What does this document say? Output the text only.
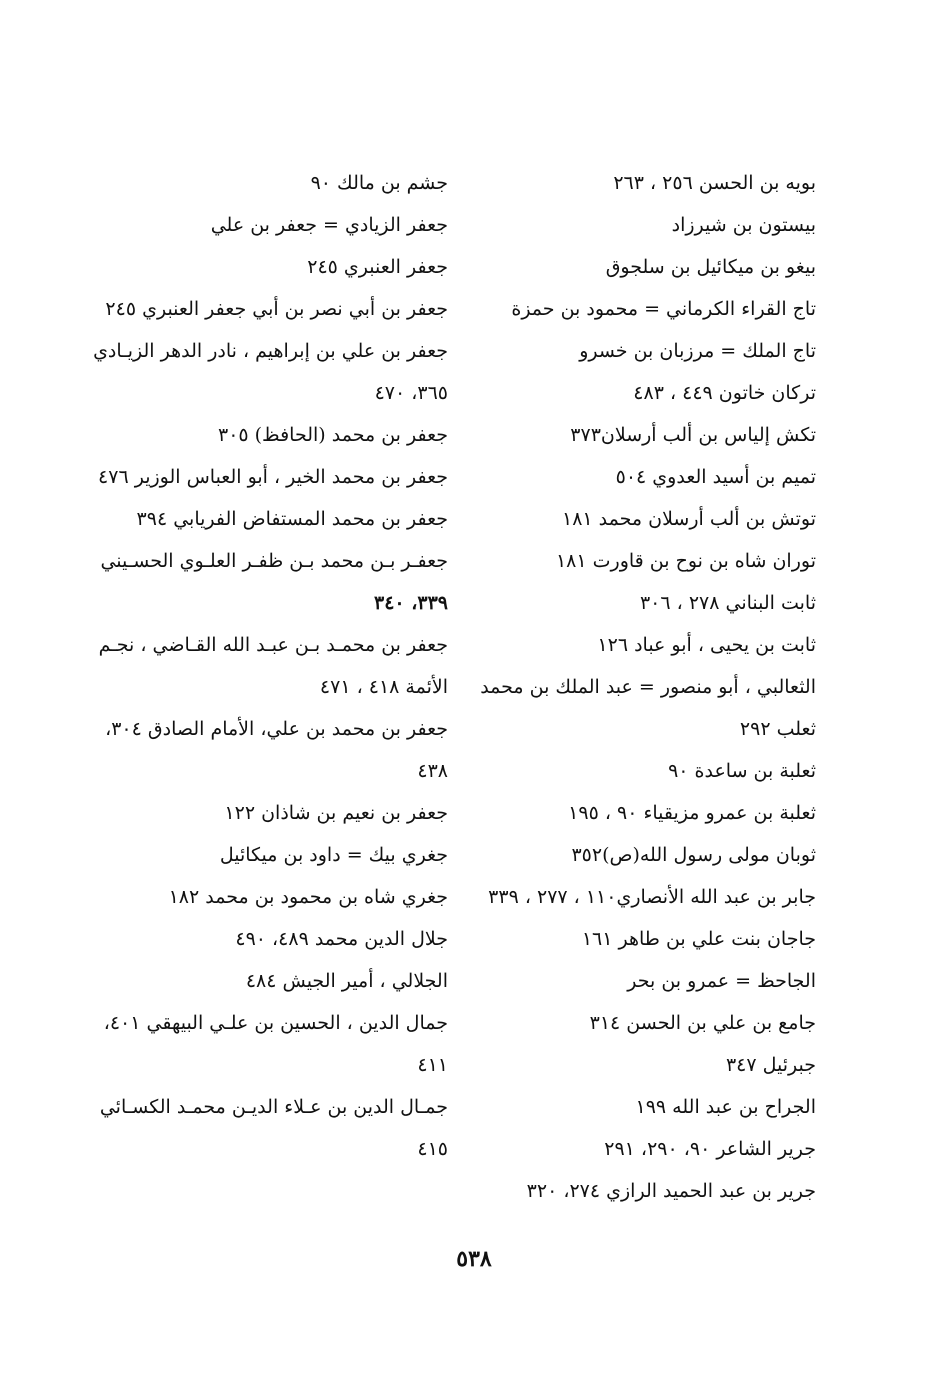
بويه بن الحسن ٢٥٦ ، ٢٦٣
بيستون بن شيرزاد
بيغو بن ميكائيل بن سلجوق
تاج القراء الكرماني = محمود بن حمزة
تاج الملك = مرزبان بن خسرو
تركان خاتون ٤٤٩ ، ٤٨٣
تكش إلياس بن ألب أرسلان٣٧٣
تميم بن أسيد العدوي ٥٠٤
توتش بن ألب أرسلان محمد ١٨١
توران شاه بن نوح بن قاورت ١٨١
ثابت البناني ٢٧٨ ، ٣٠٦
ثابت بن يحيى ، أبو عباد ١٢٦
الثعالبي ، أبو منصور = عبد الملك بن محمد
ثعلب ٢٩٢
ثعلبة بن ساعدة ٩٠
ثعلبة بن عمرو مزيقياء ٩٠ ، ١٩٥
ثوبان مولى رسول الله(ص)٣٥٢
جابر بن عبد الله الأنصاري١١٠ ، ٢٧٧ ، ٣٣٩
جاجان بنت علي بن طاهر ١٦١
الجاحظ = عمرو بن بحر
جامع بن علي بن الحسن ٣١٤
جبرئيل ٣٤٧
الجراح بن عبد الله ١٩٩
جرير الشاعر ٩٠، ٢٩٠، ٢٩١
جرير بن عبد الحميد الرازي ٢٧٤، ٣٢٠
جشم بن مالك ٩٠
جعفر الزيادي = جعفر بن علي
جعفر العنبري ٢٤٥
جعفر بن أبي نصر بن أبي جعفر العنبري ٢٤٥
جعفر بن علي بن إبراهيم ، نادر الدهر الزيـادي
٣٦٥، ٤٧٠
جعفر بن محمد (الحافظ) ٣٠٥
جعفر بن محمد الخير ، أبو العباس الوزير ٤٧٦
جعفر بن محمد المستفاض الفريابي ٣٩٤
جعفـر بـن محمد بـن ظفـر العلـوي الحسـيني
٣٣٩، ٣٤٠
جعفر بن محمـد بـن عبـد الله القـاضي ، نجـم
الأئمة ٤١٨ ، ٤٧١
جعفر بن محمد بن علي، الأمام الصادق ٣٠٤،
٤٣٨
جعفر بن نعيم بن شاذان ١٢٢
جغري بيك = داود بن ميكائيل
جغري شاه بن محمود بن محمد ١٨٢
جلال الدين محمد ٤٨٩، ٤٩٠
الجلالي ، أمير الجيش ٤٨٤
جمال الدين ، الحسين بن علـي البيهقي ٤٠١،
٤١١
جمـال الدين بن عـلاء الديـن محمـد الكسـائي
٤١٥
٥٣٨
